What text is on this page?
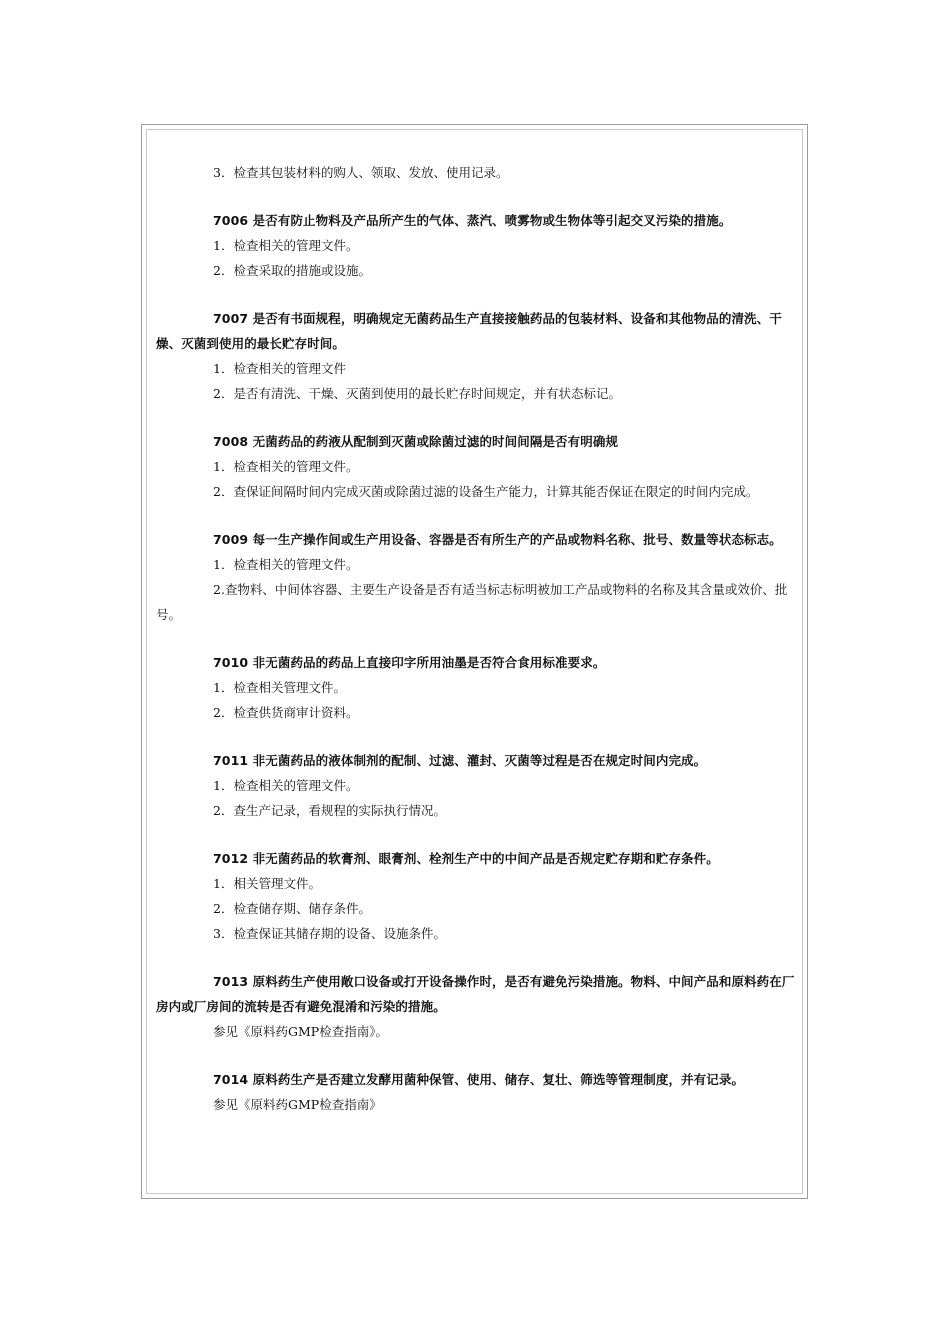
3．检查其包装材料的购人、领取、发放、使用记录。

7006 是否有防止物料及产品所产生的气体、蒸汽、喷雾物或生物体等引起交叉污染的措施。

1．检查相关的管理文件。

2．检查采取的措施或设施。

7007 是否有书面规程，明确规定无菌药品生产直接接触药品的包装材料、设备和其他物品的清洗、干燥、灭菌到使用的最长贮存时间。

1．检查相关的管理文件

2．是否有清洗、干燥、灭菌到使用的最长贮存时间规定，并有状态标记。

7008 无菌药品的药液从配制到灭菌或除菌过滤的时间间隔是否有明确规

1．检查相关的管理文件。

2．查保证间隔时间内完成灭菌或除菌过滤的设备生产能力，计算其能否保证在限定的时间内完成。

7009 每一生产操作间或生产用设备、容器是否有所生产的产品或物料名称、批号、数量等状态标志。

1．检查相关的管理文件。

2.查物料、中间体容器、主要生产设备是否有适当标志标明被加工产品或物料的名称及其含量或效价、批号。

7010 非无菌药品的药品上直接印字所用油墨是否符合食用标准要求。

1．检查相关管理文件。

2．检查供货商审计资料。

7011 非无菌药品的液体制剂的配制、过滤、灌封、灭菌等过程是否在规定时间内完成。

1．检查相关的管理文件。

2．查生产记录，看规程的实际执行情况。

7012 非无菌药品的软膏剂、眼膏剂、栓剂生产中的中间产品是否规定贮存期和贮存条件。

1．相关管理文件。

2．检查储存期、储存条件。

3．检查保证其储存期的设备、设施条件。

7013 原料药生产使用敞口设备或打开设备操作时，是否有避免污染措施。物料、中间产品和原料药在厂房内或厂房间的流转是否有避免混淆和污染的措施。

参见《原料药GMP检查指南》。

7014 原料药生产是否建立发酵用菌种保管、使用、储存、复壮、筛选等管理制度，并有记录。

参见《原料药GMP检查指南》
